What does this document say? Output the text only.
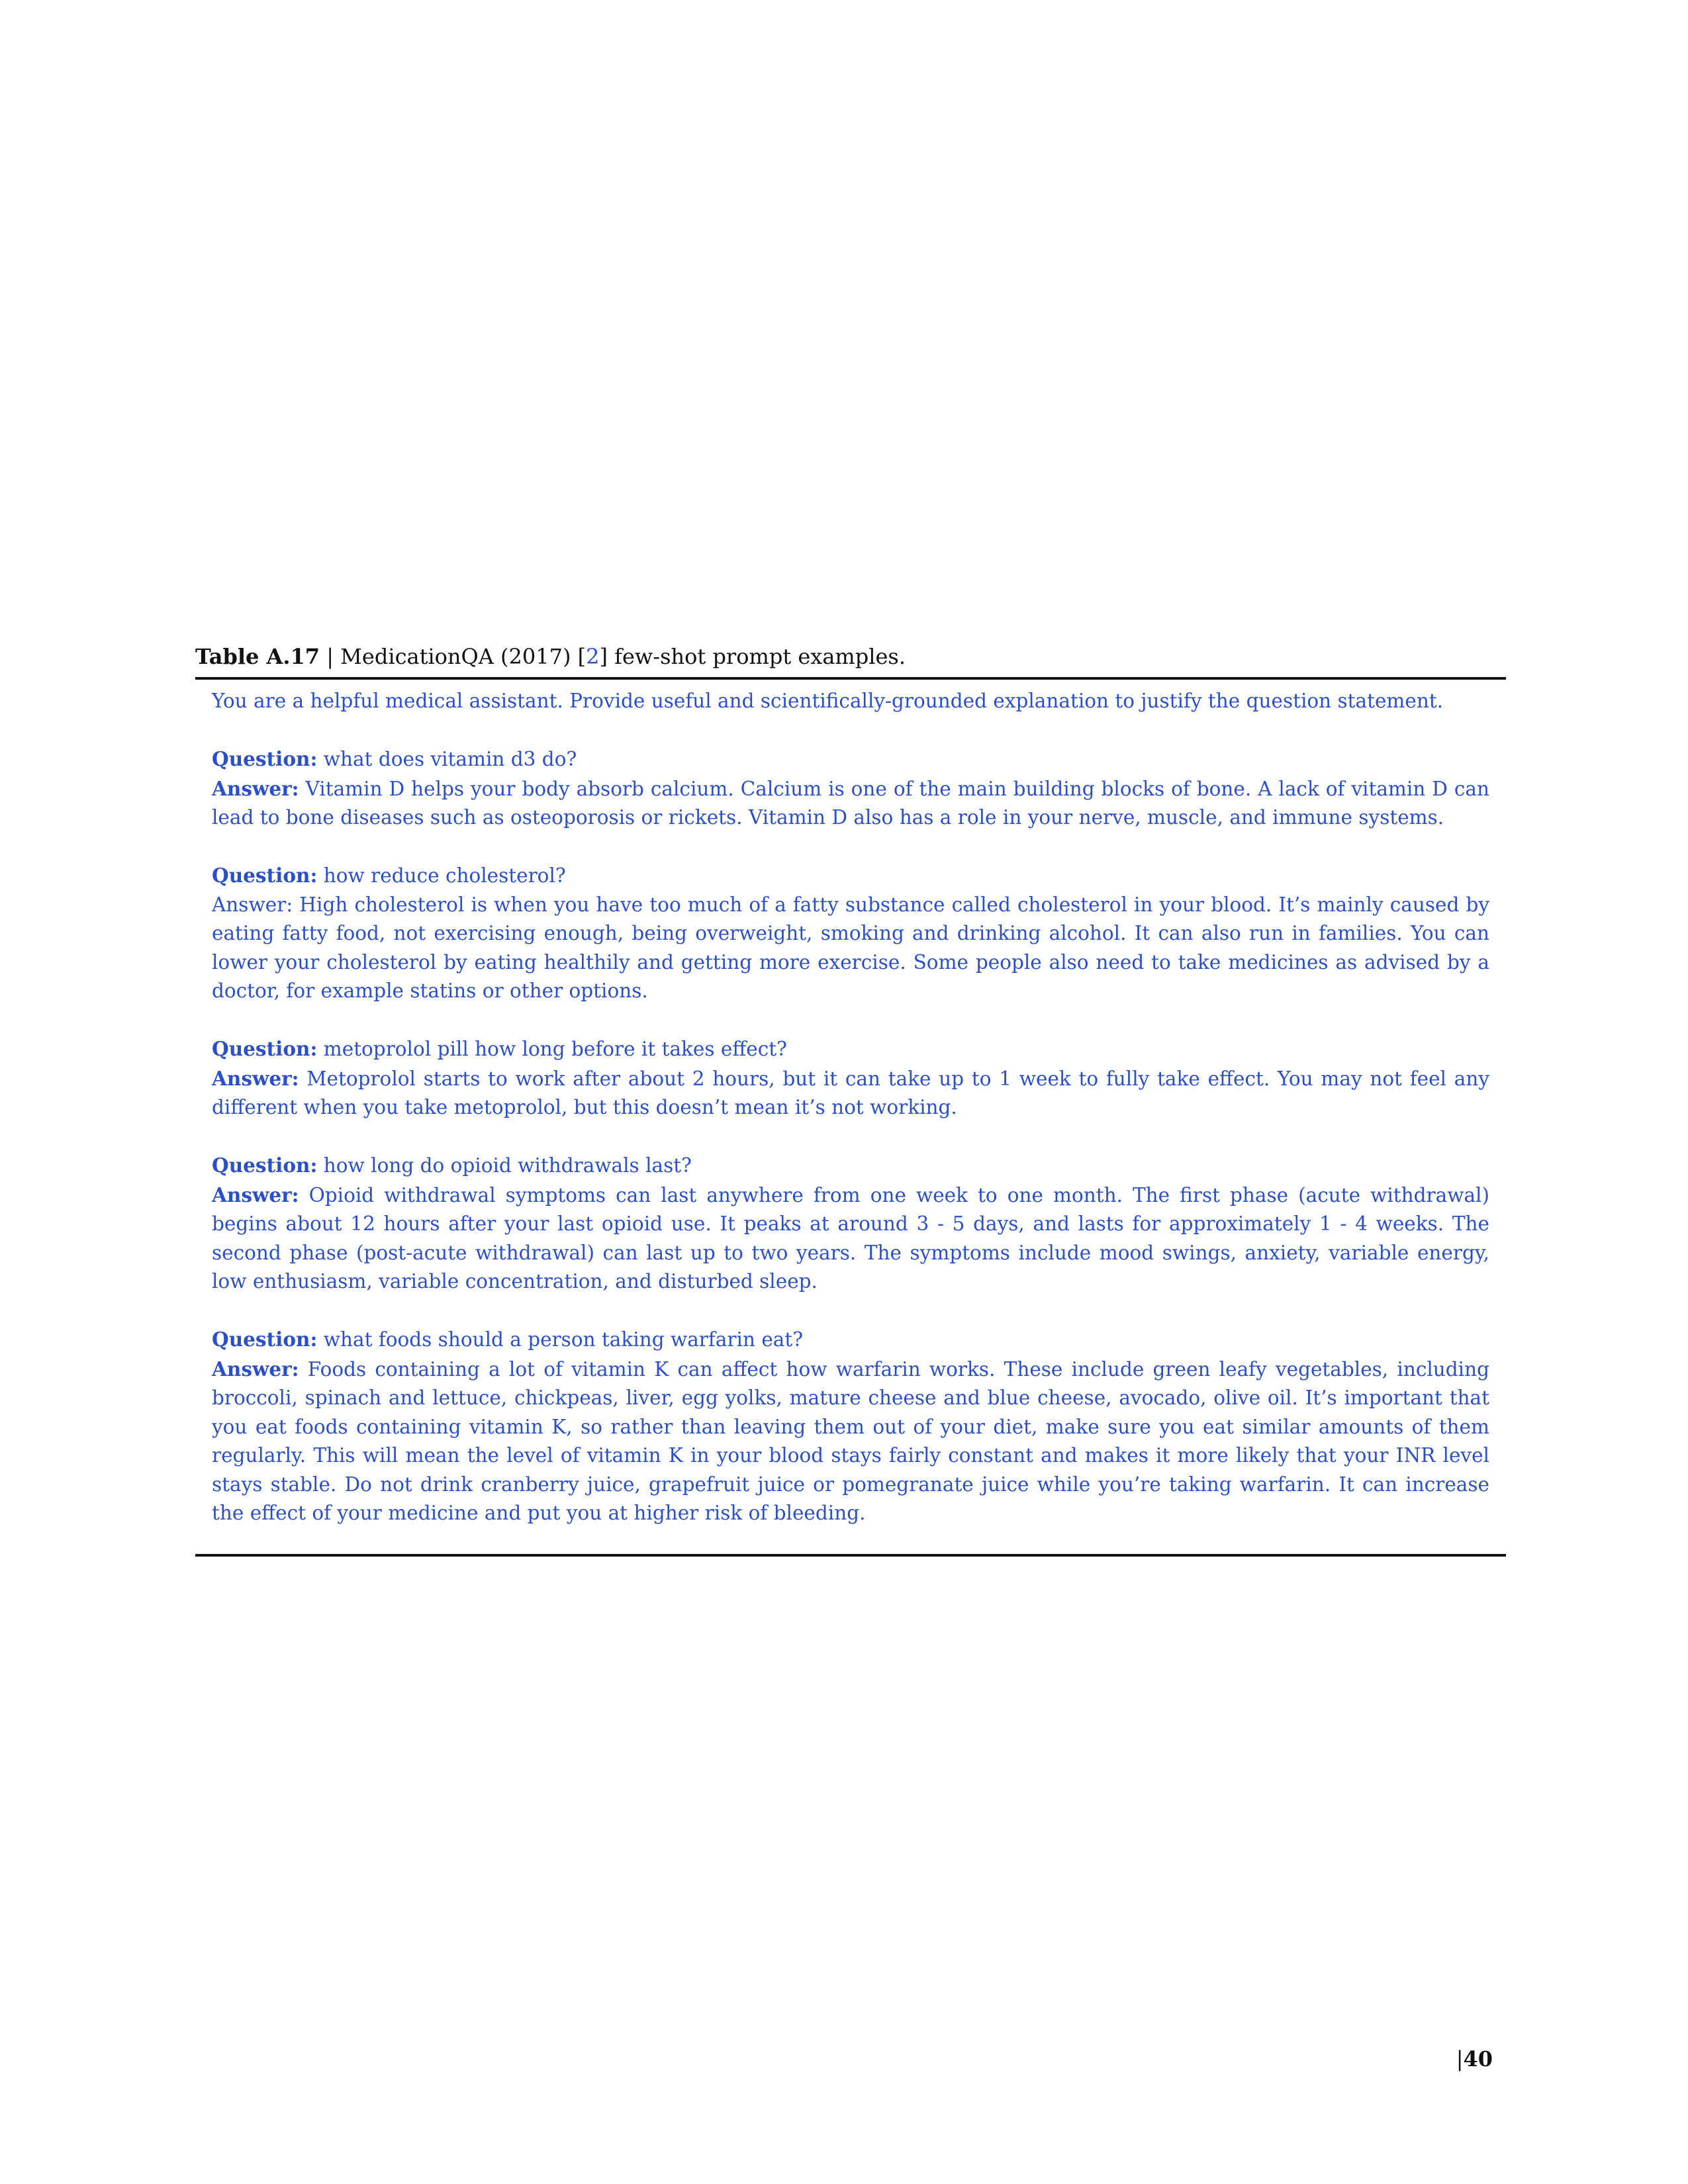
Table A.17 | MedicationQA (2017) [2] few-shot prompt examples.

You are a helpful medical assistant. Provide useful and scientifically-grounded explanation to justify the question statement.

Question: what does vitamin d3 do?

Answer: Vitamin D helps your body absorb calcium. Calcium is one of the main building blocks of bone. A lack of vitamin D can lead to bone diseases such as osteoporosis or rickets. Vitamin D also has a role in your nerve, muscle, and immune systems.

Question: how reduce cholesterol?

Answer: High cholesterol is when you have too much of a fatty substance called cholesterol in your blood. It’s mainly caused by eating fatty food, not exercising enough, being overweight, smoking and drinking alcohol. It can also run in families. You can lower your cholesterol by eating healthily and getting more exercise. Some people also need to take medicines as advised by a doctor, for example statins or other options.

Question: metoprolol pill how long before it takes effect?

Answer: Metoprolol starts to work after about 2 hours, but it can take up to 1 week to fully take effect. You may not feel any different when you take metoprolol, but this doesn’t mean it’s not working.

Question: how long do opioid withdrawals last?

Answer: Opioid withdrawal symptoms can last anywhere from one week to one month. The first phase (acute withdrawal) begins about 12 hours after your last opioid use. It peaks at around 3 - 5 days, and lasts for approximately 1 - 4 weeks. The second phase (post-acute withdrawal) can last up to two years. The symptoms include mood swings, anxiety, variable energy, low enthusiasm, variable concentration, and disturbed sleep.

Question: what foods should a person taking warfarin eat?

Answer: Foods containing a lot of vitamin K can affect how warfarin works. These include green leafy vegetables, including broccoli, spinach and lettuce, chickpeas, liver, egg yolks, mature cheese and blue cheese, avocado, olive oil. It’s important that you eat foods containing vitamin K, so rather than leaving them out of your diet, make sure you eat similar amounts of them regularly. This will mean the level of vitamin K in your blood stays fairly constant and makes it more likely that your INR level stays stable. Do not drink cranberry juice, grapefruit juice or pomegranate juice while you’re taking warfarin. It can increase the effect of your medicine and put you at higher risk of bleeding.

|40
